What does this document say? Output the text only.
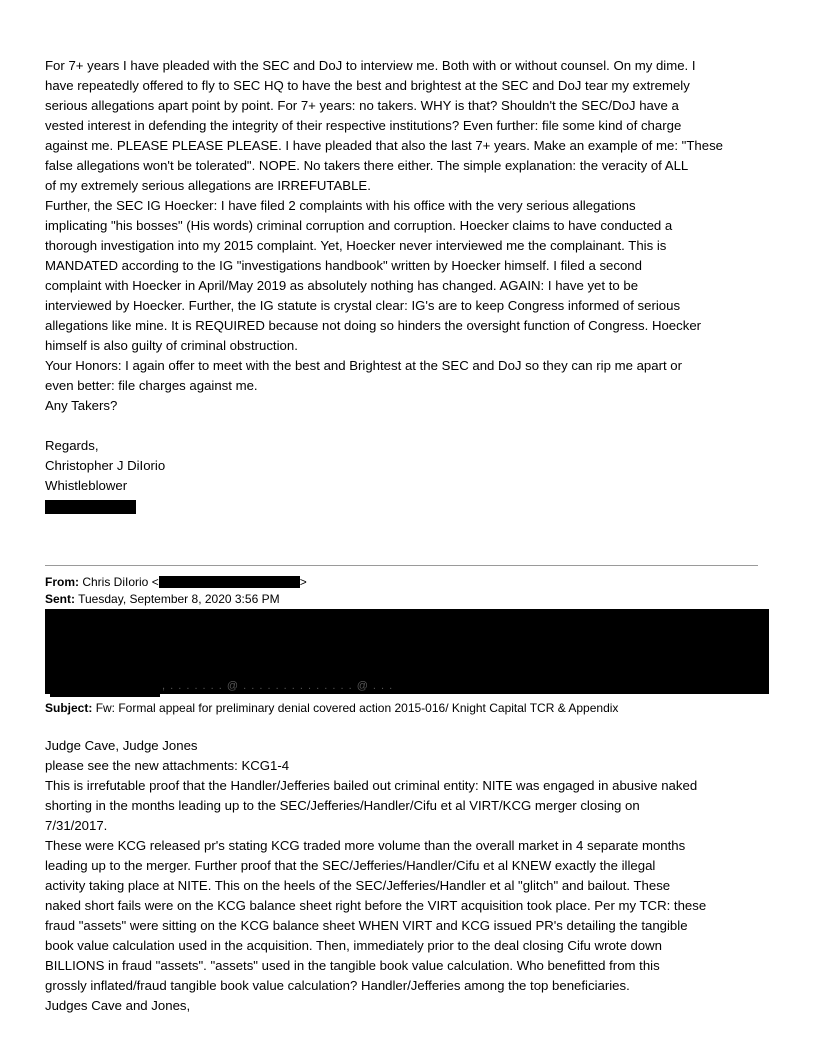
For 7+ years I have pleaded with the SEC and DoJ to interview me. Both with or without counsel. On my dime. I
have repeatedly offered to fly to SEC HQ to have the best and brightest at the SEC and DoJ tear my extremely
serious allegations apart point by point. For 7+ years: no takers. WHY is that? Shouldn't the SEC/DoJ have a
vested interest in defending the integrity of their respective institutions? Even further: file some kind of charge
against me. PLEASE PLEASE PLEASE. I have pleaded that also the last 7+ years. Make an example of me: "These
false allegations won't be tolerated". NOPE. No takers there either. The simple explanation: the veracity of ALL
of my extremely serious allegations are IRREFUTABLE.
Further, the SEC IG Hoecker: I have filed 2 complaints with his office with the very serious allegations
implicating "his bosses" (His words) criminal corruption and corruption. Hoecker claims to have conducted a
thorough investigation into my 2015 complaint. Yet, Hoecker never interviewed me the complainant. This is
MANDATED according to the IG "investigations handbook" written by Hoecker himself. I filed a second
complaint with Hoecker in April/May 2019 as absolutely nothing has changed. AGAIN: I have yet to be
interviewed by Hoecker. Further, the IG statute is crystal clear: IG's are to keep Congress informed of serious
allegations like mine. It is REQUIRED because not doing so hinders the oversight function of Congress. Hoecker
himself is also guilty of criminal obstruction.
Your Honors: I again offer to meet with the best and Brightest at the SEC and DoJ so they can rip me apart or
even better: file charges against me.
Any Takers?
Regards,
Christopher J DiIorio
Whistleblower
From: Chris DiIorio <	>
Sent: Tuesday, September 8, 2020 3:56 PM
, . . . . . . . @ . . . . . . . . . . . . . . @ . . .
Subject: Fw: Formal appeal for preliminary denial covered action 2015-016/ Knight Capital TCR & Appendix
Judge Cave, Judge Jones
please see the new attachments: KCG1-4
This is irrefutable proof that the Handler/Jefferies bailed out criminal entity: NITE was engaged in abusive naked
shorting in the months leading up to the SEC/Jefferies/Handler/Cifu et al VIRT/KCG merger closing on
7/31/2017.
These were KCG released pr's stating KCG traded more volume than the overall market in 4 separate months
leading up to the merger. Further proof that the SEC/Jefferies/Handler/Cifu et al KNEW exactly the illegal
activity taking place at NITE. This on the heels of the SEC/Jefferies/Handler et al "glitch" and bailout. These
naked short fails were on the KCG balance sheet right before the VIRT acquisition took place. Per my TCR: these
fraud "assets" were sitting on the KCG balance sheet WHEN VIRT and KCG issued PR's detailing the tangible
book value calculation used in the acquisition. Then, immediately prior to the deal closing Cifu wrote down
BILLIONS in fraud "assets". "assets" used in the tangible book value calculation. Who benefitted from this
grossly inflated/fraud tangible book value calculation? Handler/Jefferies among the top beneficiaries.
Judges Cave and Jones,
